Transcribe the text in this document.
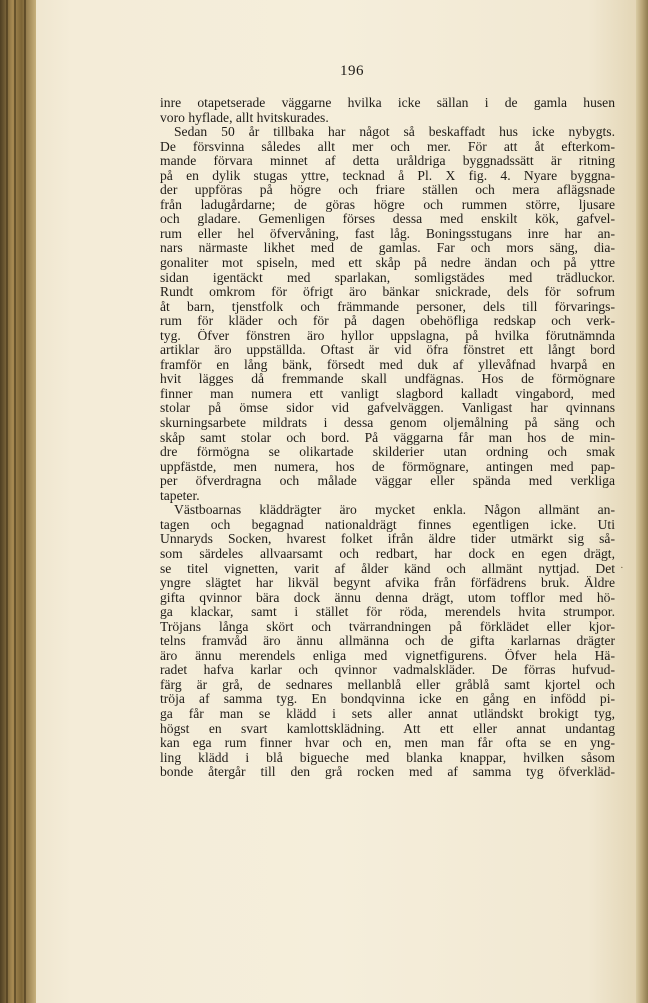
196
inre otapetserade väggarne hvilka icke sällan i de gamla husen
voro hyflade, allt hvitskurades.
Sedan 50 år tillbaka har något så beskaffadt hus icke nybygts.
De försvinna således allt mer och mer. För att åt efterkom-
mande förvara minnet af detta uråldriga byggnadssätt är ritning
på en dylik stugas yttre, tecknad å Pl. X fig. 4. Nyare byggna-
der uppföras på högre och friare ställen och mera aflägsnade
från ladugårdarne; de göras högre och rummen större, ljusare
och gladare. Gemenligen förses dessa med enskilt kök, gafvel-
rum eller hel öfvervåning, fast låg. Boningsstugans inre har an-
nars närmaste likhet med de gamlas. Far och mors säng, dia-
gonaliter mot spiseln, med ett skåp på nedre ändan och på yttre
sidan igentäckt med sparlakan, somligstädes med trädluckor.
Rundt omkrom för öfrigt äro bänkar snickrade, dels för sofrum
åt barn, tjenstfolk och främmande personer, dels till förvarings-
rum för kläder och för på dagen obehöfliga redskap och verk-
tyg. Öfver fönstren äro hyllor uppslagna, på hvilka förutnämnda
artiklar äro uppställda. Oftast är vid öfra fönstret ett långt bord
framför en lång bänk, försedt med duk af yllevåfnad hvarpå en
hvit lägges då fremmande skall undfägnas. Hos de förmögnare
finner man numera ett vanligt slagbord kalladt vingabord, med
stolar på ömse sidor vid gafvelväggen. Vanligast har qvinnans
skurningsarbete mildrats i dessa genom oljemålning på säng och
skåp samt stolar och bord. På väggarna får man hos de min-
dre förmögna se olikartade skilderier utan ordning och smak
uppfästde, men numera, hos de förmögnare, antingen med pap-
per öfverdragna och målade väggar eller spända med verkliga
tapeter.
Västboarnas kläddrägter äro mycket enkla. Någon allmänt an-
tagen och begagnad nationaldrägt finnes egentligen icke. Uti
Unnaryds Socken, hvarest folket ifrån äldre tider utmärkt sig så-
som särdeles allvaarsamt och redbart, har dock en egen drägt,
se titel vignetten, varit af ålder känd och allmänt nyttjad. Det
yngre slägtet har likväl begynt afvika från förfädrens bruk. Äldre
gifta qvinnor bära dock ännu denna drägt, utom tofflor med hö-
ga klackar, samt i stället för röda, merendels hvita strumpor.
Tröjans långa skört och tvärrandningen på förklädet eller kjor-
telns framvåd äro ännu allmänna och de gifta karlarnas drägter
äro ännu merendels enliga med vignetfigurens. Öfver hela Hä-
radet hafva karlar och qvinnor vadmalskläder. De förras hufvud-
färg är grå, de sednares mellanblå eller gråblå samt kjortel och
tröja af samma tyg. En bondqvinna icke en gång en infödd pi-
ga får man se klädd i sets aller annat utländskt brokigt tyg,
högst en svart kamlottsklädning. Att ett eller annat undantag
kan ega rum finner hvar och en, men man får ofta se en yng-
ling klädd i blå bigueche med blanka knappar, hvilken såsom
bonde återgår till den grå rocken med af samma tyg öfverkläd-
·
